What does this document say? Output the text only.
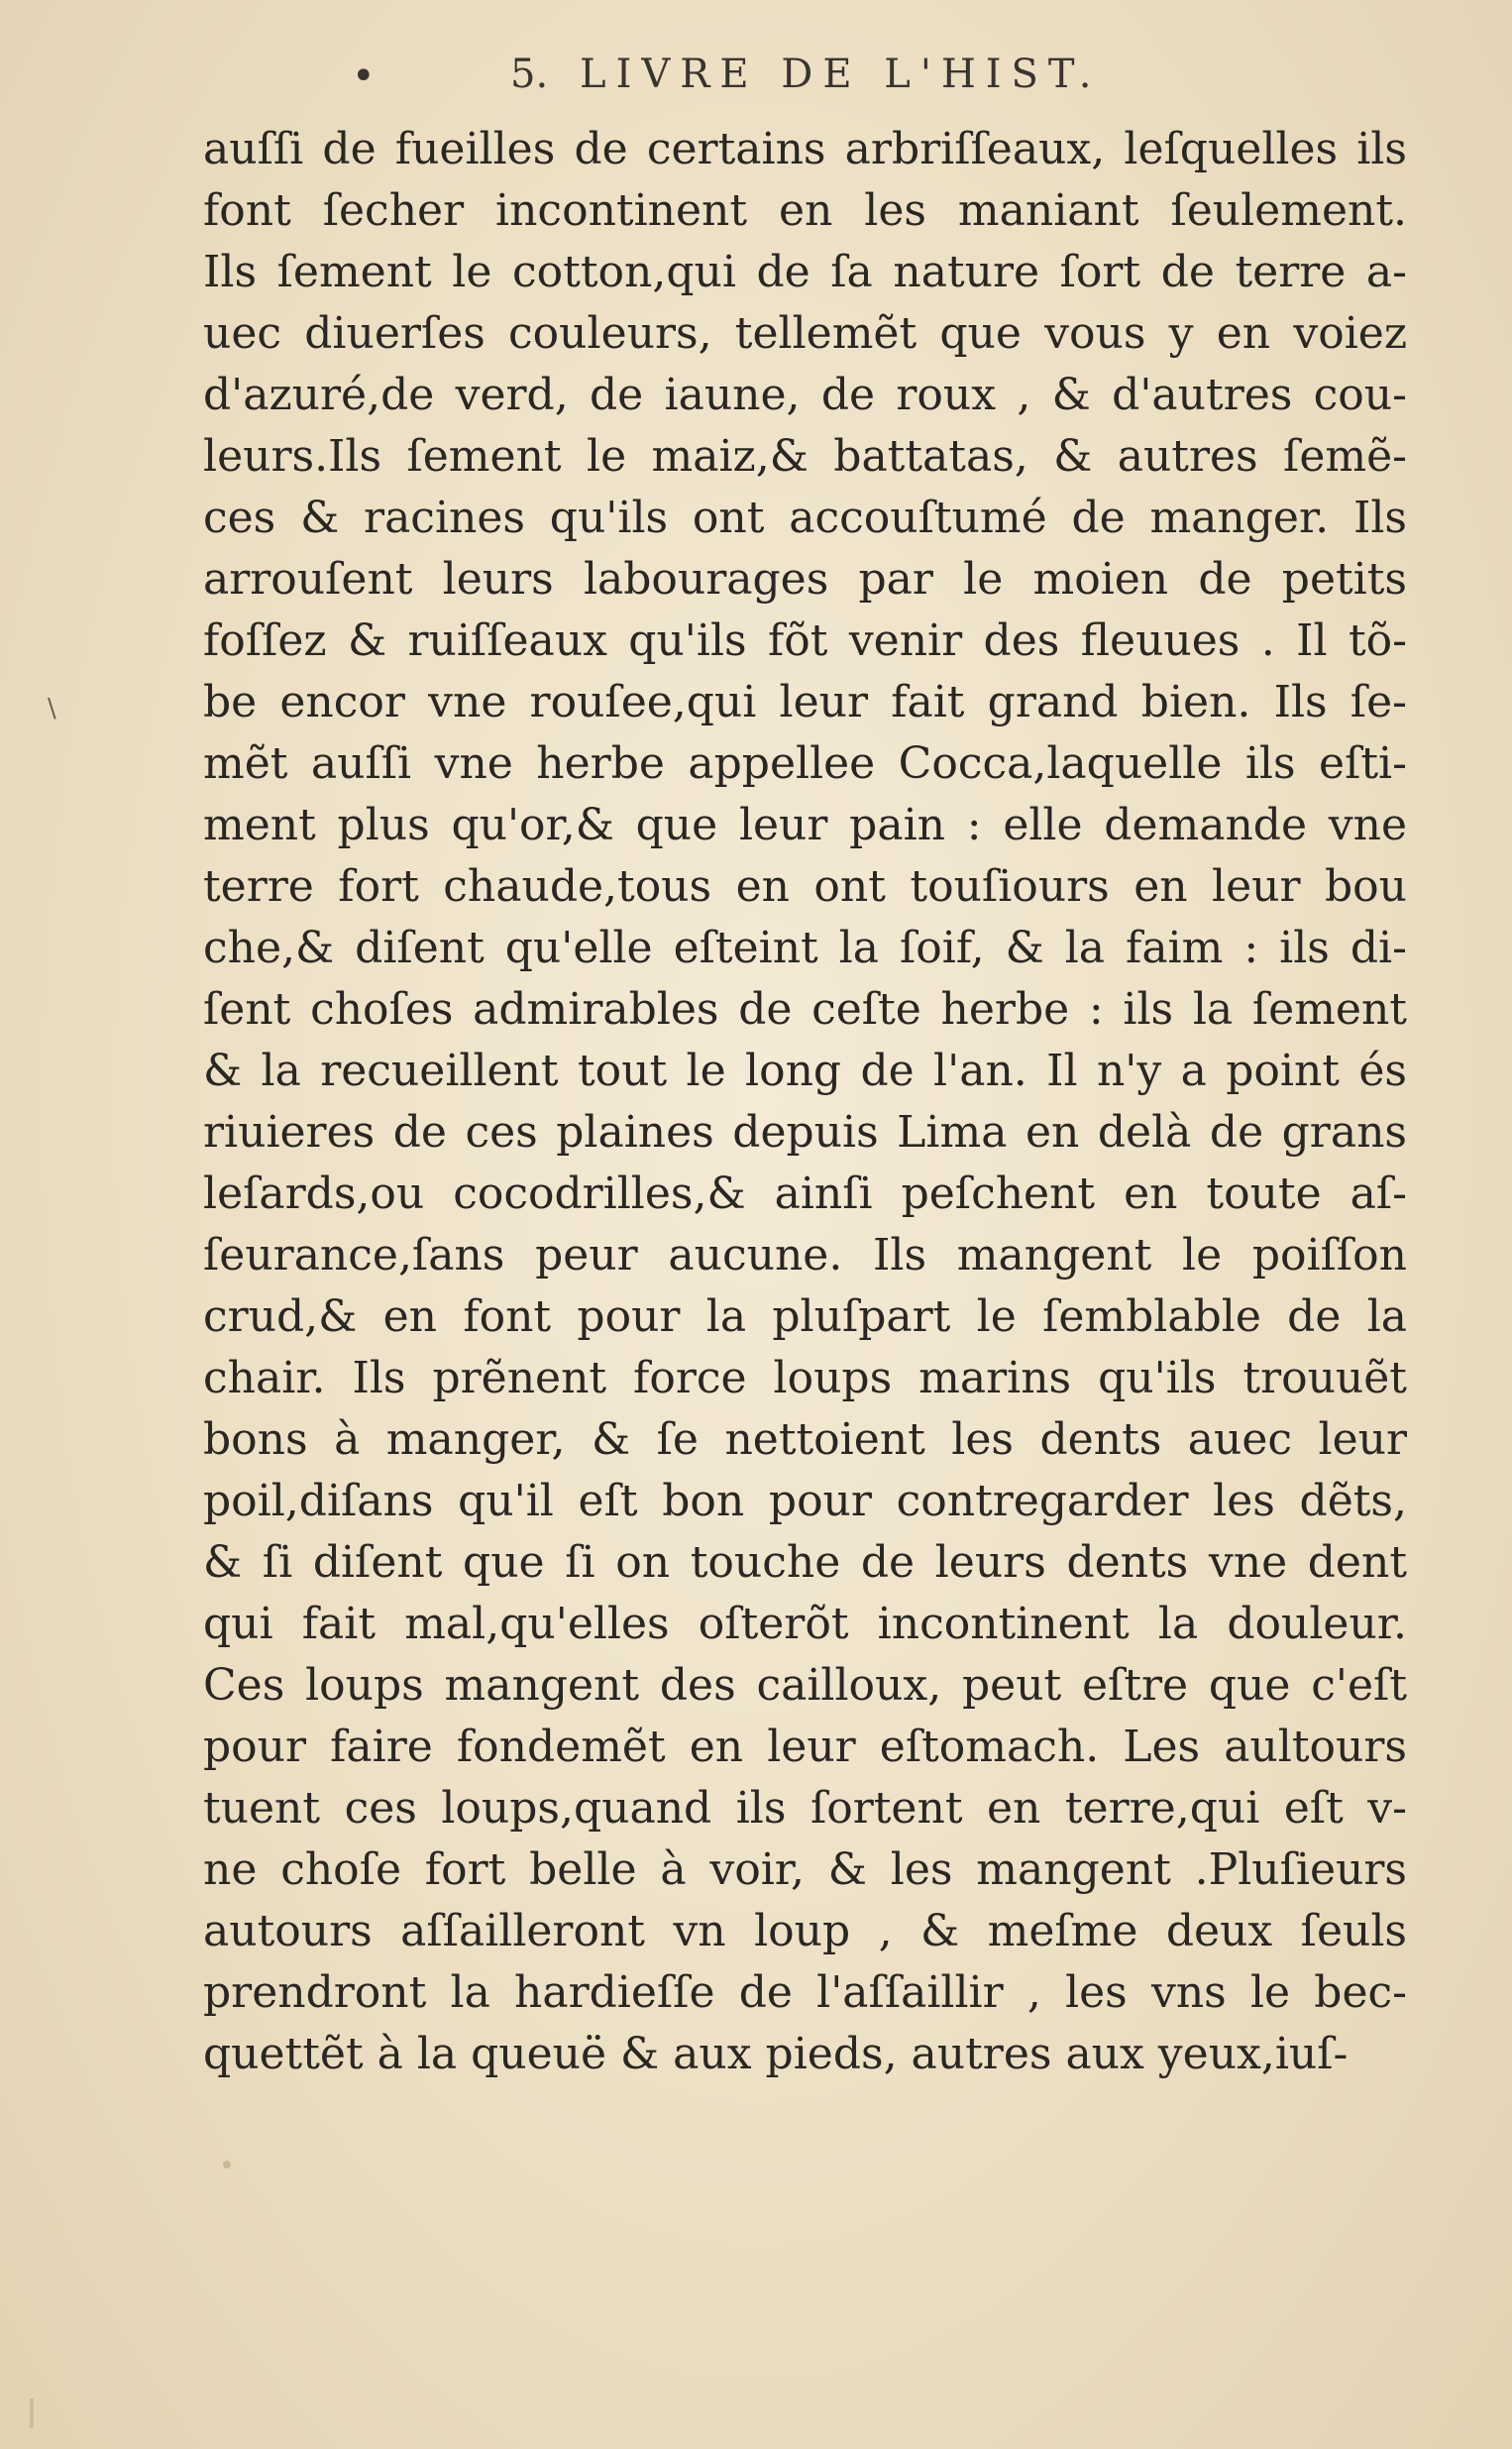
•	5. LIVRE DE L'HIST.
\
auſſi de fueilles de certains arbriſſeaux, leſquelles ils
font ſecher incontinent en les maniant ſeulement.
Ils ſement le cotton,qui de ſa nature ſort de terre a-
uec diuerſes couleurs, tellemẽt que vous y en voiez
d'azuré,de verd, de iaune, de roux , & d'autres cou-
leurs.Ils ſement le maiz,& battatas, & autres ſemẽ-
ces & racines qu'ils ont accouſtumé de manger. Ils
arrouſent leurs labourages par le moien de petits
foſſez & ruiſſeaux qu'ils fõt venir des fleuues . Il tõ-
be encor vne rouſee,qui leur fait grand bien. Ils ſe-
mẽt auſſi vne herbe appellee Cocca,laquelle ils eſti-
ment plus qu'or,& que leur pain : elle demande vne
terre fort chaude,tous en ont touſiours en leur bou
che,& diſent qu'elle eſteint la ſoif, & la faim : ils di-
ſent choſes admirables de ceſte herbe : ils la ſement
& la recueillent tout le long de l'an. Il n'y a point és
riuieres de ces plaines depuis Lima en delà de grans
leſards,ou cocodrilles,& ainſi peſchent en toute aſ-
ſeurance,ſans peur aucune. Ils mangent le poiſſon
crud,& en font pour la pluſpart le ſemblable de la
chair. Ils prẽnent force loups marins qu'ils trouuẽt
bons à manger, & ſe nettoient les dents auec leur
poil,diſans qu'il eſt bon pour contregarder les dẽts,
& ſi diſent que ſi on touche de leurs dents vne dent
qui fait mal,qu'elles oſterõt incontinent la douleur.
Ces loups mangent des cailloux, peut eſtre que c'eſt
pour faire fondemẽt en leur eſtomach. Les aultours
tuent ces loups,quand ils ſortent en terre,qui eſt v-
ne choſe fort belle à voir, & les mangent .Pluſieurs
autours aſſailleront vn loup , & meſme deux ſeuls
prendront la hardieſſe de l'aſſaillir , les vns le bec-
quettẽt à la queuë & aux pieds, autres aux yeux,iuſ-
